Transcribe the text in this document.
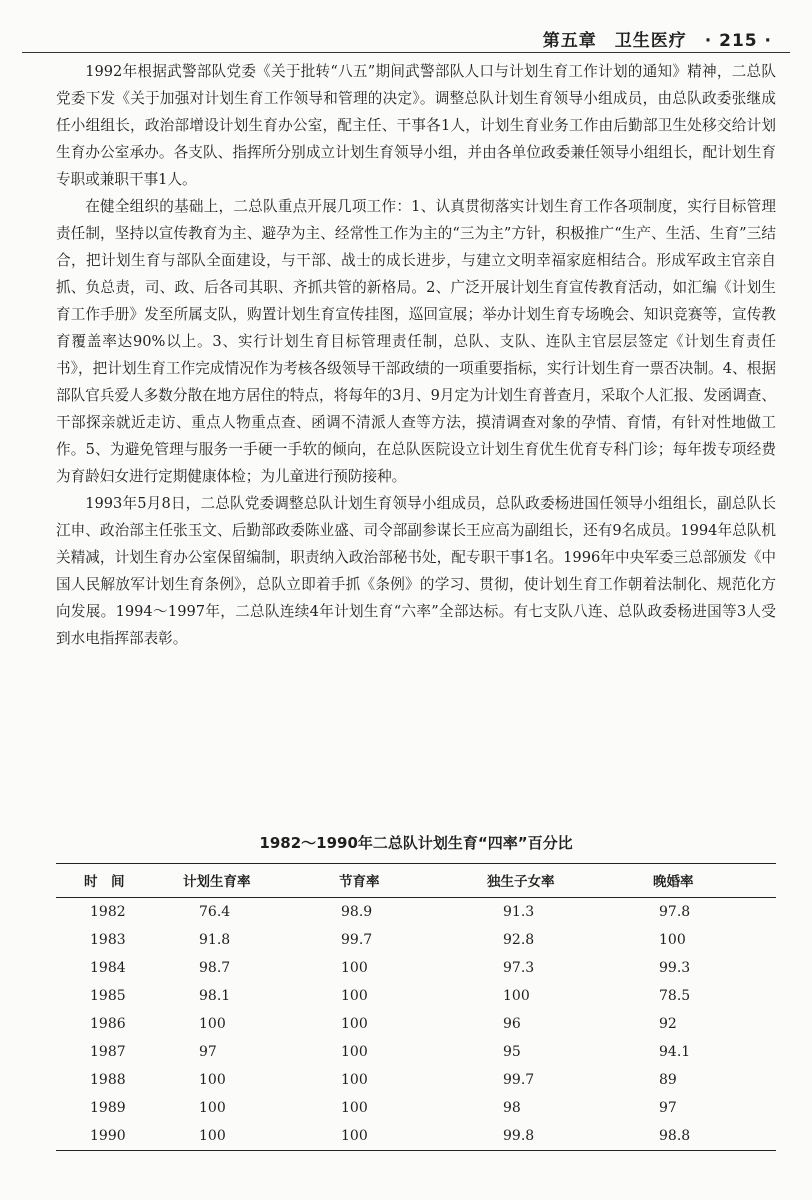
第五章　卫生医疗　· 215 ·

1992年根据武警部队党委《关于批转“八五”期间武警部队人口与计划生育工作计划的通知》精神，二总队党委下发《关于加强对计划生育工作领导和管理的决定》。调整总队计划生育领导小组成员，由总队政委张继成任小组组长，政治部增设计划生育办公室，配主任、干事各1人，计划生育业务工作由后勤部卫生处移交给计划生育办公室承办。各支队、指挥所分别成立计划生育领导小组，并由各单位政委兼任领导小组组长，配计划生育专职或兼职干事1人。

在健全组织的基础上，二总队重点开展几项工作：1、认真贯彻落实计划生育工作各项制度，实行目标管理责任制，坚持以宣传教育为主、避孕为主、经常性工作为主的“三为主”方针，积极推广“生产、生活、生育”三结合，把计划生育与部队全面建设，与干部、战士的成长进步，与建立文明幸福家庭相结合。形成军政主官亲自抓、负总责，司、政、后各司其职、齐抓共管的新格局。2、广泛开展计划生育宣传教育活动，如汇编《计划生育工作手册》发至所属支队，购置计划生育宣传挂图，巡回宣展；举办计划生育专场晚会、知识竞赛等，宣传教育覆盖率达90%以上。3、实行计划生育目标管理责任制，总队、支队、连队主官层层签定《计划生育责任书》，把计划生育工作完成情况作为考核各级领导干部政绩的一项重要指标，实行计划生育一票否决制。4、根据部队官兵爱人多数分散在地方居住的特点，将每年的3月、9月定为计划生育普查月，采取个人汇报、发函调查、干部探亲就近走访、重点人物重点查、函调不清派人查等方法，摸清调查对象的孕情、育情，有针对性地做工作。5、为避免管理与服务一手硬一手软的倾向，在总队医院设立计划生育优生优育专科门诊；每年拨专项经费为育龄妇女进行定期健康体检；为儿童进行预防接种。

1993年5月8日，二总队党委调整总队计划生育领导小组成员，总队政委杨进国任领导小组组长，副总队长江申、政治部主任张玉文、后勤部政委陈业盛、司令部副参谋长王应高为副组长，还有9名成员。1994年总队机关精减，计划生育办公室保留编制，职责纳入政治部秘书处，配专职干事1名。1996年中央军委三总部颁发《中国人民解放军计划生育条例》，总队立即着手抓《条例》的学习、贯彻，使计划生育工作朝着法制化、规范化方向发展。1994～1997年，二总队连续4年计划生育“六率”全部达标。有七支队八连、总队政委杨进国等3人受到水电指挥部表彰。

1982～1990年二总队计划生育“四率”百分比
时　间	计划生育率	节育率	独生子女率	晚婚率
1982	76.4	98.9	91.3	97.8
1983	91.8	99.7	92.8	100
1984	98.7	100	97.3	99.3
1985	98.1	100	100	78.5
1986	100	100	96	92
1987	97	100	95	94.1
1988	100	100	99.7	89
1989	100	100	98	97
1990	100	100	99.8	98.8
